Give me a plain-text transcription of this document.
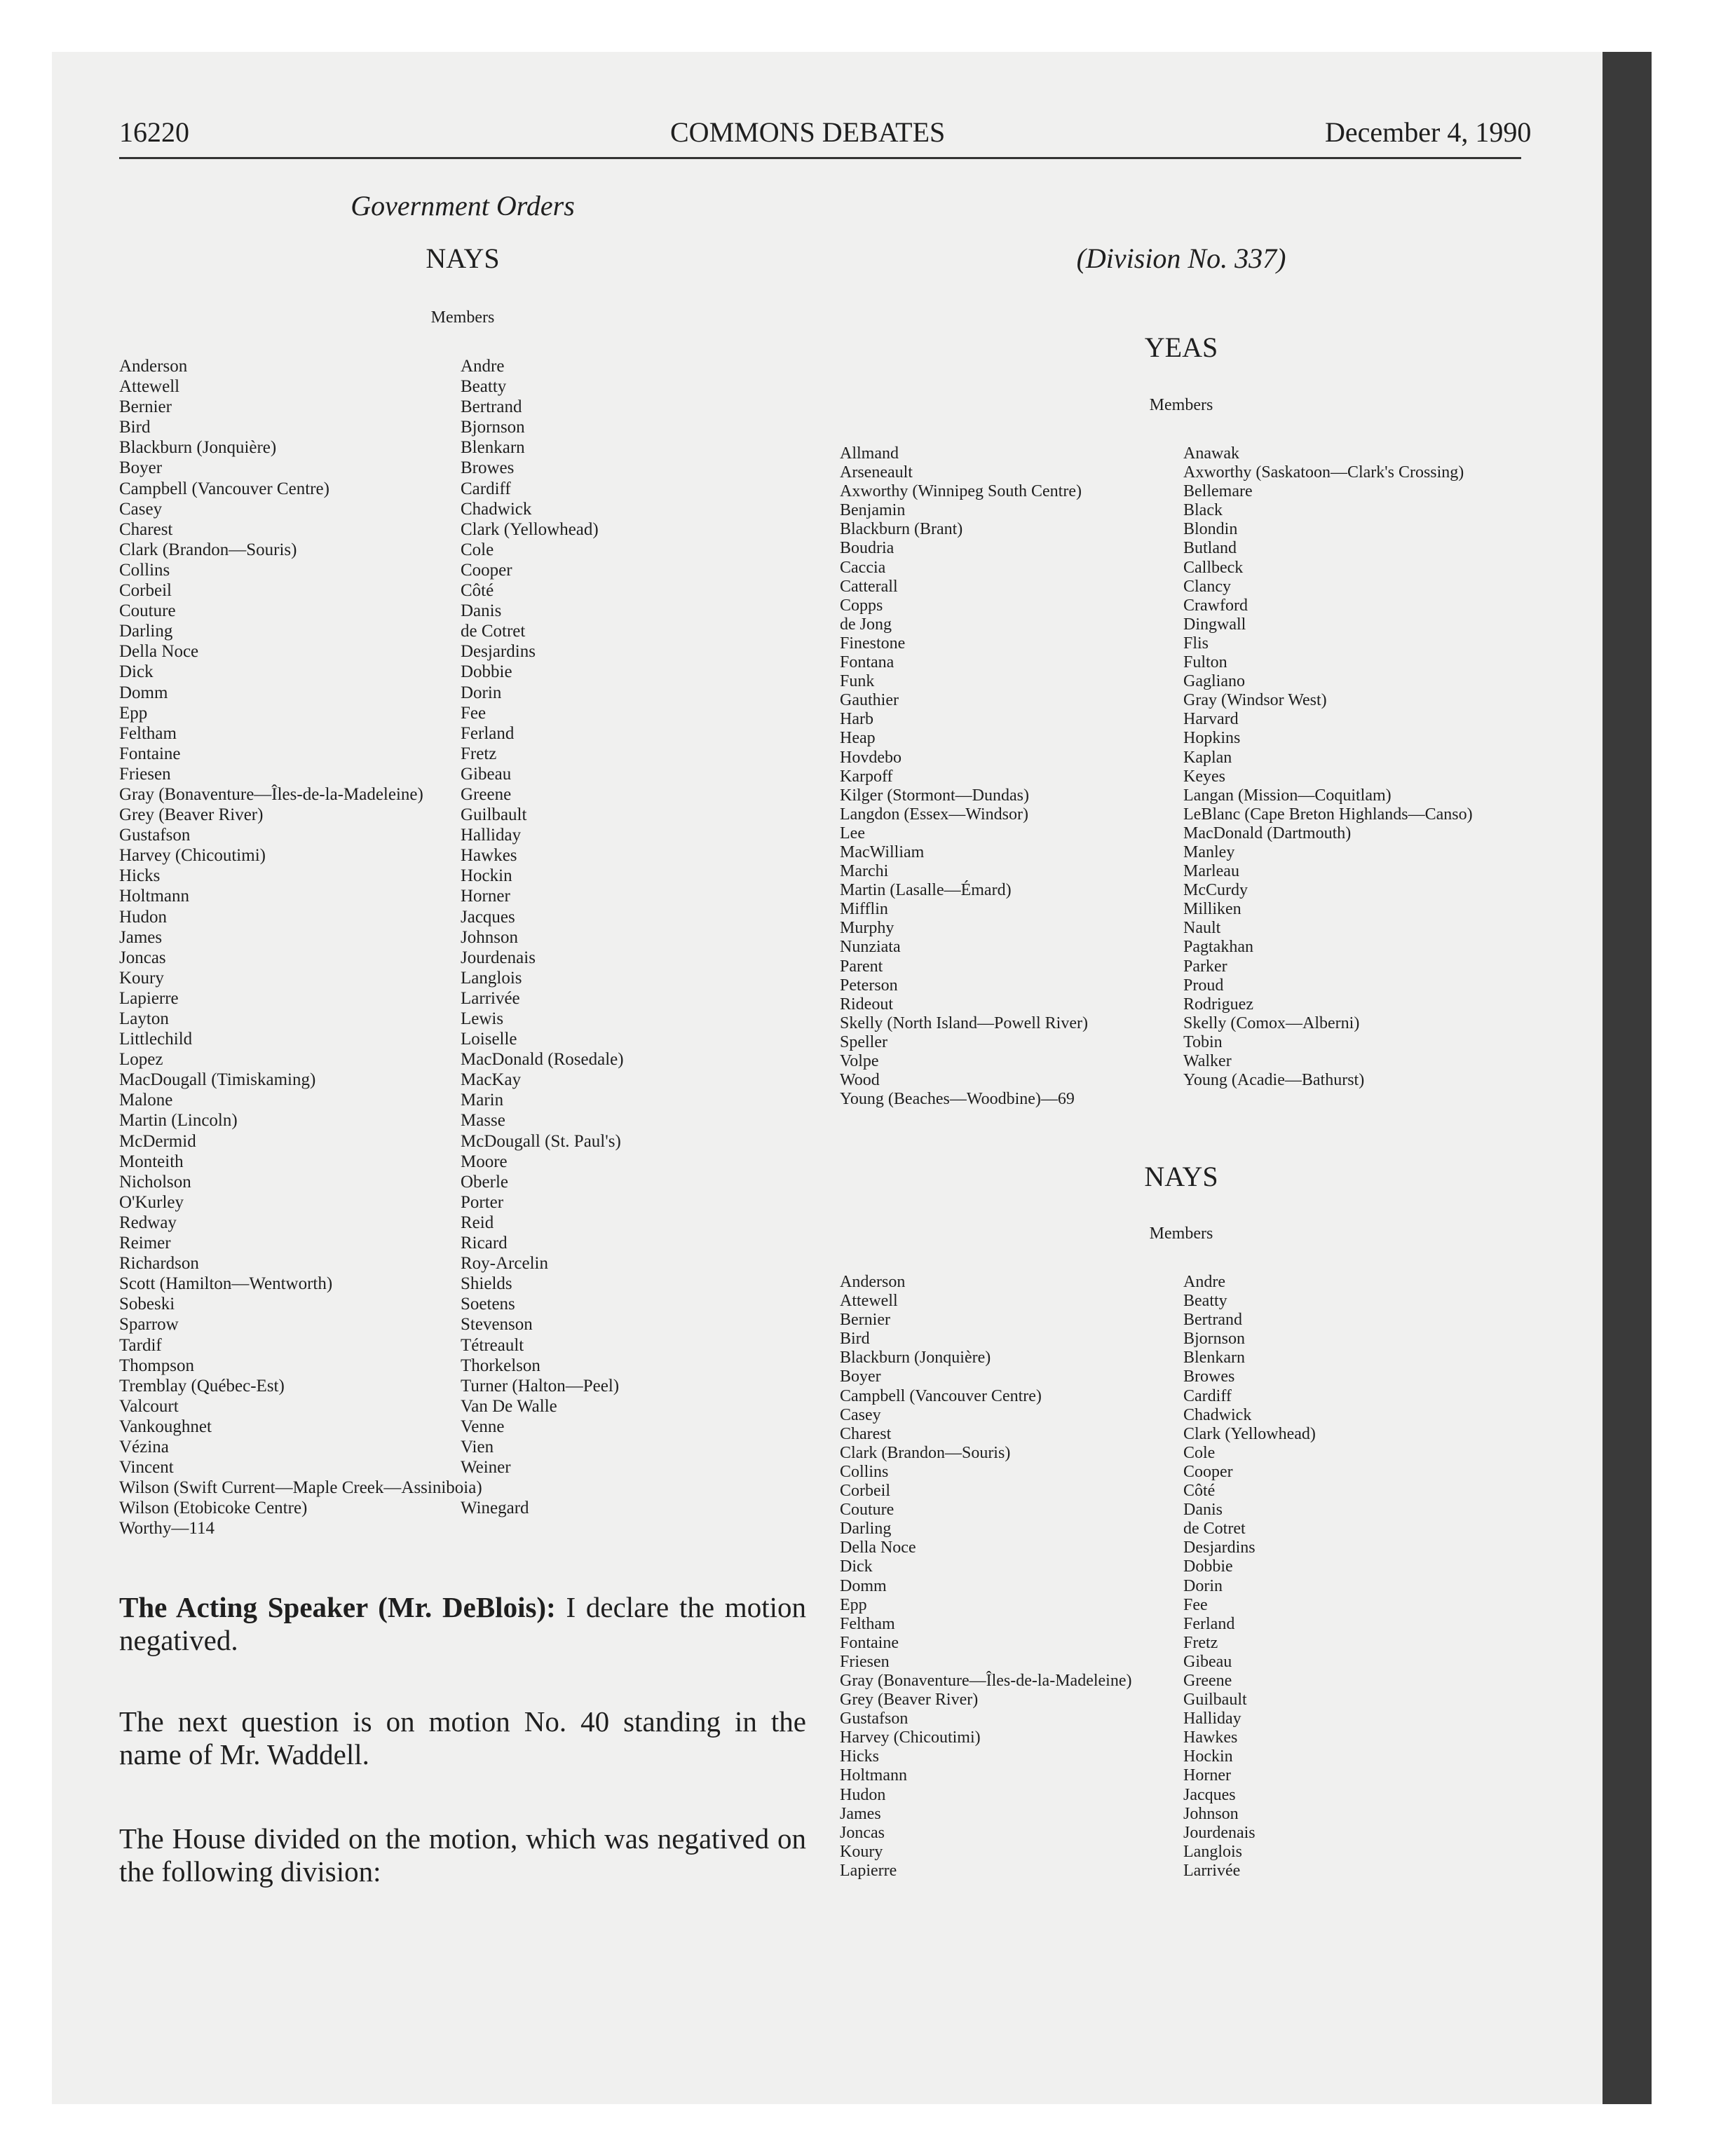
16220	COMMONS DEBATES	December 4, 1990
Government Orders
NAYS
Members
Anderson
Attewell
Bernier
Bird
Blackburn (Jonquière)
Boyer
Campbell (Vancouver Centre)
Casey
Charest
Clark (Brandon—Souris)
Collins
Corbeil
Couture
Darling
Della Noce
Dick
Domm
Epp
Feltham
Fontaine
Friesen
Gray (Bonaventure—Îles-de-la-Madeleine)
Grey (Beaver River)
Gustafson
Harvey (Chicoutimi)
Hicks
Holtmann
Hudon
James
Joncas
Koury
Lapierre
Layton
Littlechild
Lopez
MacDougall (Timiskaming)
Malone
Martin (Lincoln)
McDermid
Monteith
Nicholson
O'Kurley
Redway
Reimer
Richardson
Scott (Hamilton—Wentworth)
Sobeski
Sparrow
Tardif
Thompson
Tremblay (Québec-Est)
Valcourt
Vankoughnet
Vézina
Vincent
Andre
Beatty
Bertrand
Bjornson
Blenkarn
Browes
Cardiff
Chadwick
Clark (Yellowhead)
Cole
Cooper
Côté
Danis
de Cotret
Desjardins
Dobbie
Dorin
Fee
Ferland
Fretz
Gibeau
Greene
Guilbault
Halliday
Hawkes
Hockin
Horner
Jacques
Johnson
Jourdenais
Langlois
Larrivée
Lewis
Loiselle
MacDonald (Rosedale)
MacKay
Marin
Masse
McDougall (St. Paul's)
Moore
Oberle
Porter
Reid
Ricard
Roy-Arcelin
Shields
Soetens
Stevenson
Tétreault
Thorkelson
Turner (Halton—Peel)
Van De Walle
Venne
Vien
Weiner
Wilson (Swift Current—Maple Creek—Assiniboia)
Wilson (Etobicoke Centre)
Worthy—114
Winegard
The Acting Speaker (Mr. DeBlois): I declare the motion negatived.
The next question is on motion No. 40 standing in the name of Mr. Waddell.
The House divided on the motion, which was negatived on the following division:
(Division No. 337)
YEAS
Members
Allmand
Arseneault
Axworthy (Winnipeg South Centre)
Benjamin
Blackburn (Brant)
Boudria
Caccia
Catterall
Copps
de Jong
Finestone
Fontana
Funk
Gauthier
Harb
Heap
Hovdebo
Karpoff
Kilger (Stormont—Dundas)
Langdon (Essex—Windsor)
Lee
MacWilliam
Marchi
Martin (Lasalle—Émard)
Mifflin
Murphy
Nunziata
Parent
Peterson
Rideout
Skelly (North Island—Powell River)
Speller
Volpe
Wood
Young (Beaches—Woodbine)—69
Anawak
Axworthy (Saskatoon—Clark's Crossing)
Bellemare
Black
Blondin
Butland
Callbeck
Clancy
Crawford
Dingwall
Flis
Fulton
Gagliano
Gray (Windsor West)
Harvard
Hopkins
Kaplan
Keyes
Langan (Mission—Coquitlam)
LeBlanc (Cape Breton Highlands—Canso)
MacDonald (Dartmouth)
Manley
Marleau
McCurdy
Milliken
Nault
Pagtakhan
Parker
Proud
Rodriguez
Skelly (Comox—Alberni)
Tobin
Walker
Young (Acadie—Bathurst)
NAYS
Members
Anderson
Attewell
Bernier
Bird
Blackburn (Jonquière)
Boyer
Campbell (Vancouver Centre)
Casey
Charest
Clark (Brandon—Souris)
Collins
Corbeil
Couture
Darling
Della Noce
Dick
Domm
Epp
Feltham
Fontaine
Friesen
Gray (Bonaventure—Îles-de-la-Madeleine)
Grey (Beaver River)
Gustafson
Harvey (Chicoutimi)
Hicks
Holtmann
Hudon
James
Joncas
Koury
Lapierre
Andre
Beatty
Bertrand
Bjornson
Blenkarn
Browes
Cardiff
Chadwick
Clark (Yellowhead)
Cole
Cooper
Côté
Danis
de Cotret
Desjardins
Dobbie
Dorin
Fee
Ferland
Fretz
Gibeau
Greene
Guilbault
Halliday
Hawkes
Hockin
Horner
Jacques
Johnson
Jourdenais
Langlois
Larrivée
